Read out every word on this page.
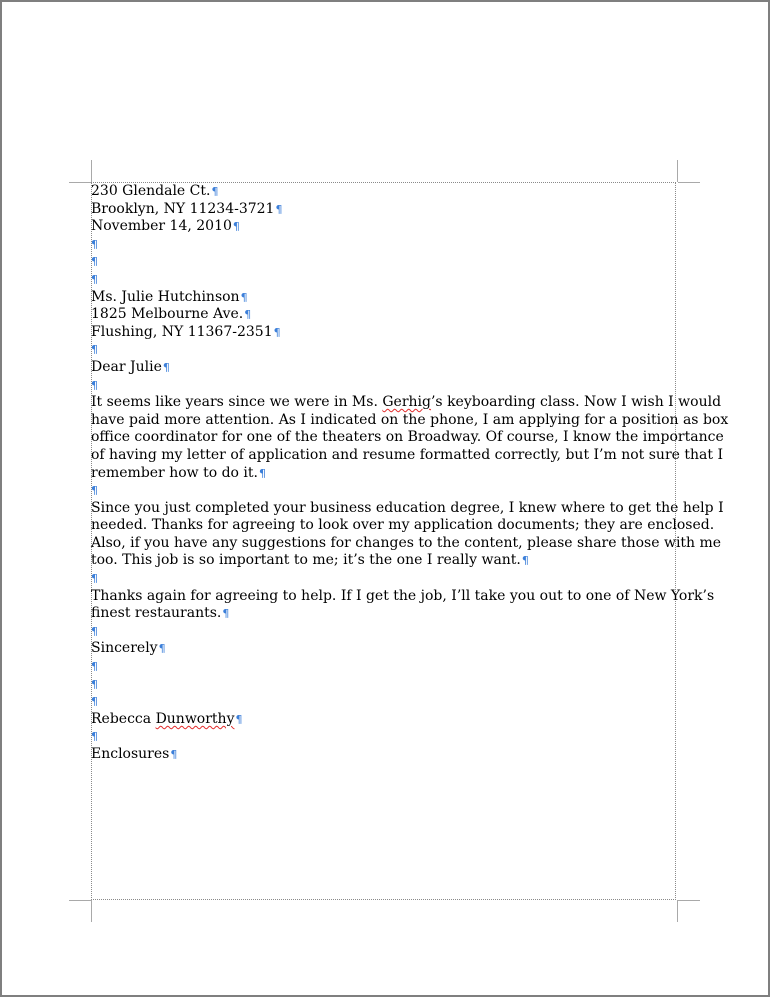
230 Glendale Ct.¶
Brooklyn, NY 11234-3721¶
November 14, 2010¶
¶
¶
¶
Ms. Julie Hutchinson¶
1825 Melbourne Ave.¶
Flushing, NY 11367-2351¶
¶
Dear Julie¶
¶
It seems like years since we were in Ms. Gerhig’s keyboarding class. Now I wish I would
have paid more attention. As I indicated on the phone, I am applying for a position as box
office coordinator for one of the theaters on Broadway. Of course, I know the importance
of having my letter of application and resume formatted correctly, but I’m not sure that I
remember how to do it.¶
¶
Since you just completed your business education degree, I knew where to get the help I
needed. Thanks for agreeing to look over my application documents; they are enclosed.
Also, if you have any suggestions for changes to the content, please share those with me
too. This job is so important to me; it’s the one I really want.¶
¶
Thanks again for agreeing to help. If I get the job, I’ll take you out to one of New York’s
finest restaurants.¶
¶
Sincerely¶
¶
¶
¶
Rebecca Dunworthy¶
¶
Enclosures¶
